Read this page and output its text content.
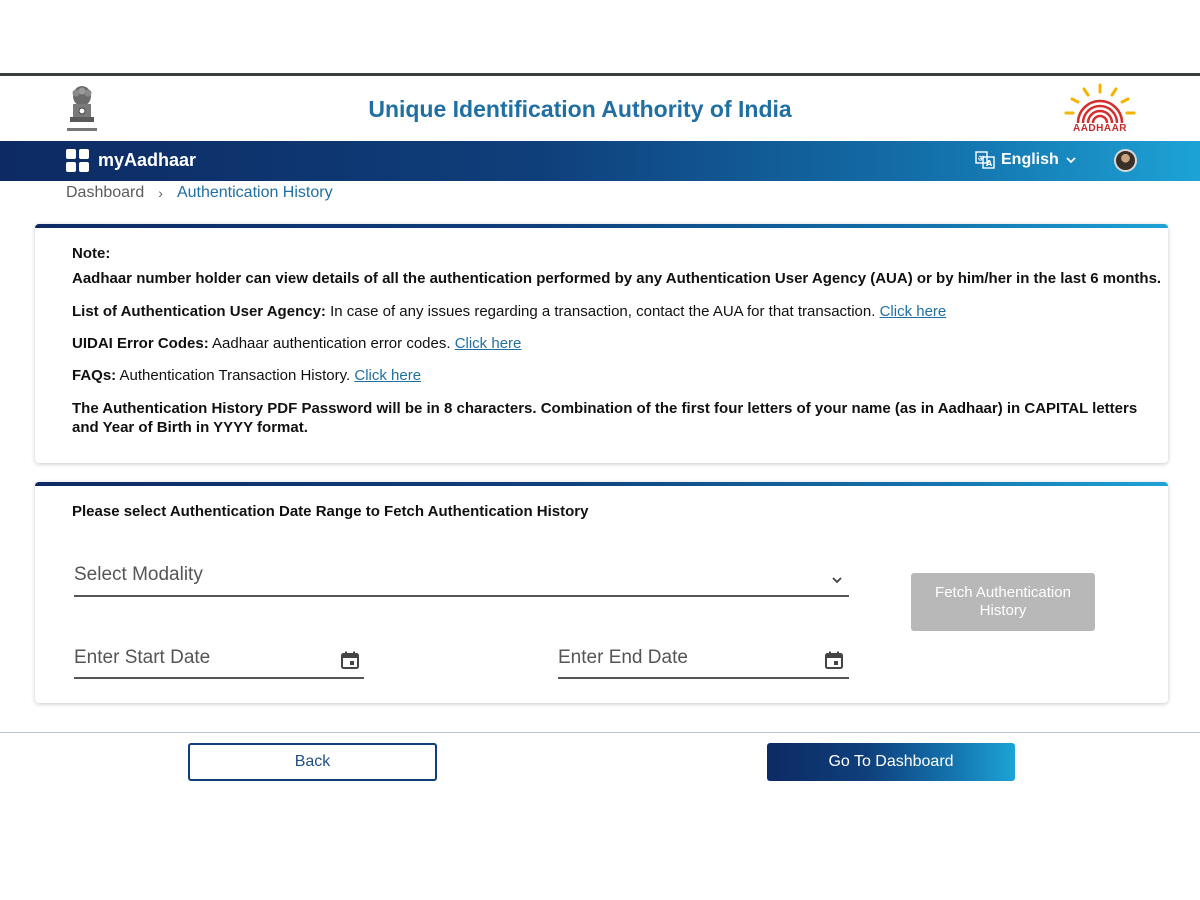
Unique Identification Authority of India
AADHAAR
myAadhaar	अ
A English
Dashboard › Authentication History
Note:
Aadhaar number holder can view details of all the authentication performed by any Authentication User Agency (AUA) or by him/her in the last 6 months.
List of Authentication User Agency: In case of any issues regarding a transaction, contact the AUA for that transaction. Click here
UIDAI Error Codes: Aadhaar authentication error codes. Click here
FAQs: Authentication Transaction History. Click here
The Authentication History PDF Password will be in 8 characters. Combination of the first four letters of your name (as in Aadhaar) in CAPITAL letters and Year of Birth in YYYY format.
Please select Authentication Date Range to Fetch Authentication History
Select Modality
Enter Start Date	Enter End Date
Fetch Authentication History
Back	Go To Dashboard
